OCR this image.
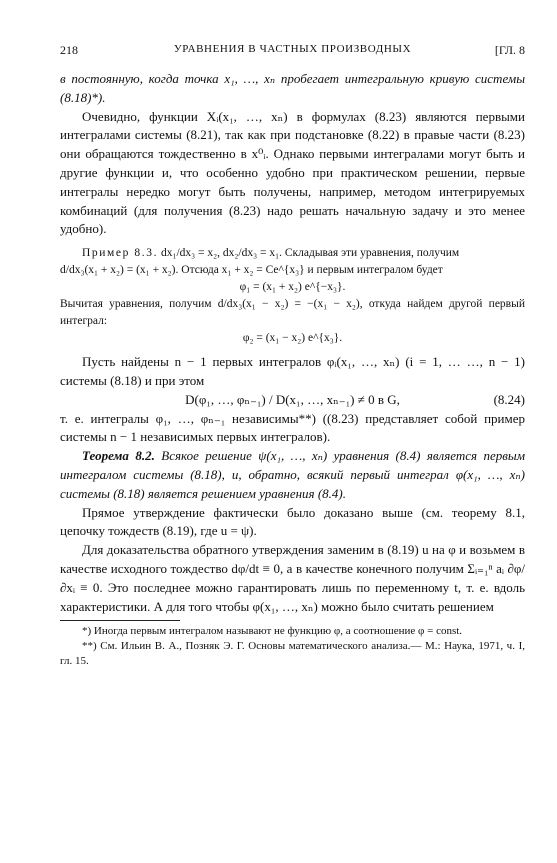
218	УРАВНЕНИЯ В ЧАСТНЫХ ПРОИЗВОДНЫХ	[ГЛ. 8

в постоянную, когда точка x₁, …, xₙ пробегает интегральную кривую системы (8.18)*).

Очевидно, функции Xᵢ(x₁, …, xₙ) в формулах (8.23) являются первыми интегралами системы (8.21), так как при подстановке (8.22) в правые части (8.23) они обращаются тождественно в x⁰ᵢ. Однако первыми интегралами могут быть и другие функции и, что особенно удобно при практическом решении, первые интегралы нередко могут быть получены, например, методом интегрируемых комбинаций (для получения (8.23) надо решать начальную задачу и это менее удобно).

Пример 8.3. dx₁/dx₃ = x₂, dx₂/dx₃ = x₁. Складывая эти уравнения, получим

d/dx₃(x₁ + x₂) = (x₁ + x₂). Отсюда x₁ + x₂ = Ce^{x₃} и первым интегралом будет

φ₁ = (x₁ + x₂) e^{−x₃}.

Вычитая уравнения, получим d/dx₃(x₁ − x₂) = −(x₁ − x₂), откуда найдем другой первый интеграл:

φ₂ = (x₁ − x₂) e^{x₃}.

Пусть найдены n − 1 первых интегралов φᵢ(x₁, …, xₙ) (i = 1, … …, n − 1) системы (8.18) и при этом

D(φ₁, …, φₙ₋₁) / D(x₁, …, xₙ₋₁) ≠ 0 в G,	(8.24)

т. е. интегралы φ₁, …, φₙ₋₁ независимы**) ((8.23) представляет собой пример системы n − 1 независимых первых интегралов).

Теорема 8.2. Всякое решение ψ(x₁, …, xₙ) уравнения (8.4) является первым интегралом системы (8.18), и, обратно, всякий первый интеграл φ(x₁, …, xₙ) системы (8.18) является решением уравнения (8.4).

Прямое утверждение фактически было доказано выше (см. теорему 8.1, цепочку тождеств (8.19), где u = ψ).

Для доказательства обратного утверждения заменим в (8.19) u на φ и возьмем в качестве исходного тождество dφ/dt ≡ 0, а в качестве конечного получим Σᵢ₌₁ⁿ aᵢ ∂φ/∂xᵢ ≡ 0. Это последнее можно гарантировать лишь по переменному t, т. е. вдоль характеристики. А для того чтобы φ(x₁, …, xₙ) можно было считать решением

*) Иногда первым интегралом называют не функцию φ, а соотношение φ = const.

**) См. Ильин В. А., Позняк Э. Г. Основы математического анализа.— М.: Наука, 1971, ч. I, гл. 15.
